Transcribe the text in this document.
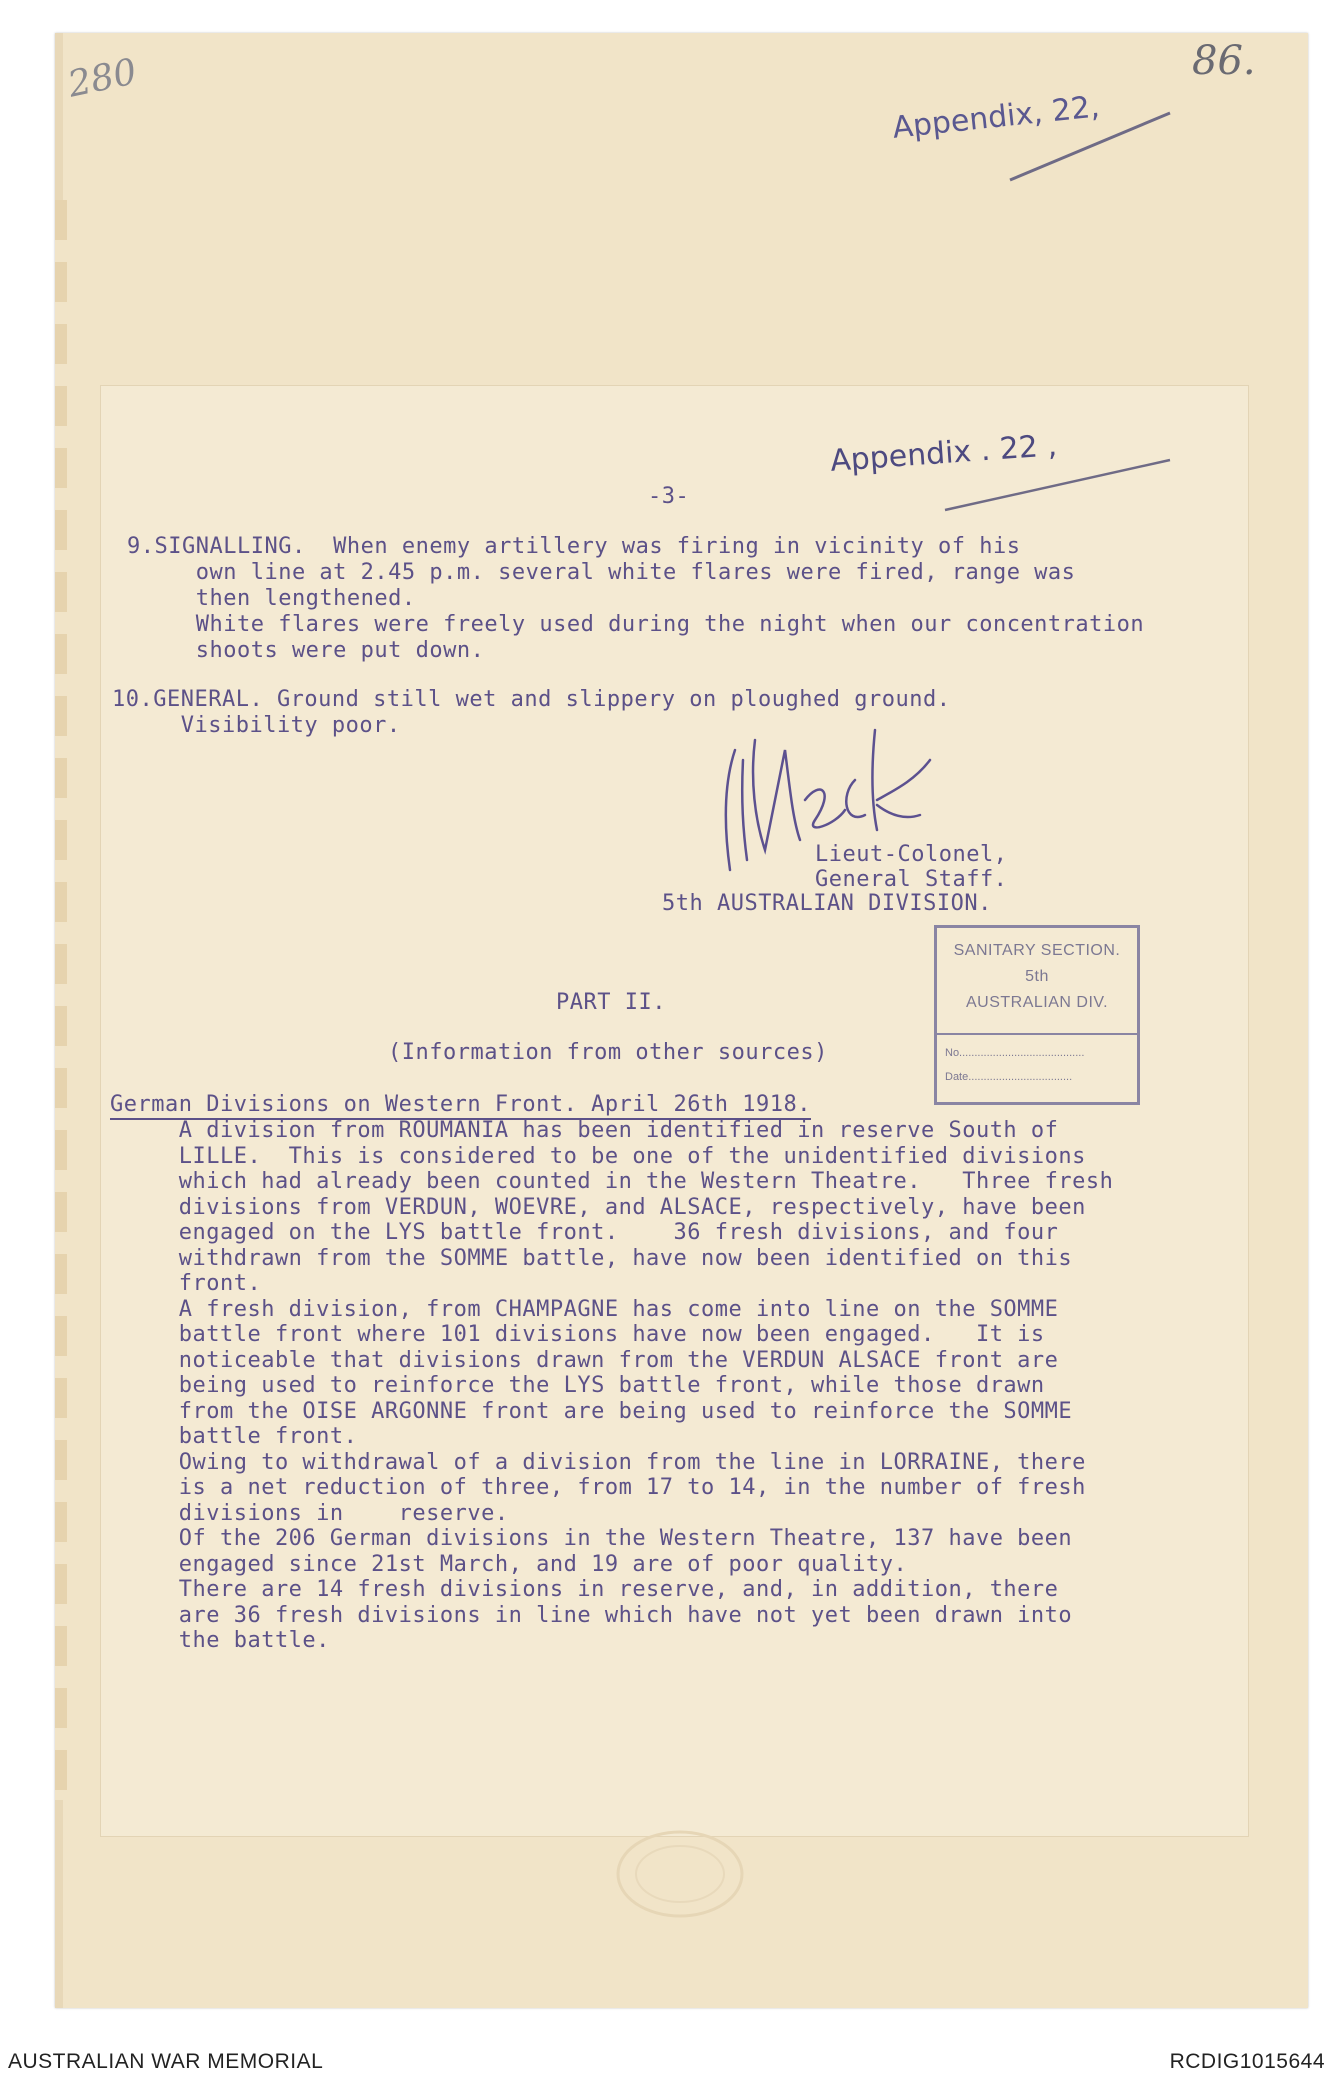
280	86.
Appendix, 22,
Appendix . 22 ,
-3-
9.SIGNALLING.  When enemy artillery was firing in vicinity of his
own line at 2.45 p.m. several white flares were fired, range was
then lengthened.
White flares were freely used during the night when our concentration
shoots were put down.
10.GENERAL. Ground still wet and slippery on ploughed ground.
Visibility poor.
Lieut-Colonel,
General Staff.
5th AUSTRALIAN DIVISION.
SANITARY SECTION.
5th
AUSTRALIAN DIV.
No.........................................
Date..................................
PART II.
(Information from other sources)
German Divisions on Western Front. April 26th 1918.
A division from ROUMANIA has been identified in reserve South of
LILLE.  This is considered to be one of the unidentified divisions
which had already been counted in the Western Theatre.   Three fresh
divisions from VERDUN, WOEVRE, and ALSACE, respectively, have been
engaged on the LYS battle front.    36 fresh divisions, and four
withdrawn from the SOMME battle, have now been identified on this
front.
A fresh division, from CHAMPAGNE has come into line on the SOMME
battle front where 101 divisions have now been engaged.   It is
noticeable that divisions drawn from the VERDUN ALSACE front are
being used to reinforce the LYS battle front, while those drawn
from the OISE ARGONNE front are being used to reinforce the SOMME
battle front.
Owing to withdrawal of a division from the line in LORRAINE, there
is a net reduction of three, from 17 to 14, in the number of fresh
divisions in    reserve.
Of the 206 German divisions in the Western Theatre, 137 have been
engaged since 21st March, and 19 are of poor quality.
There are 14 fresh divisions in reserve, and, in addition, there
are 36 fresh divisions in line which have not yet been drawn into
the battle.
AUSTRALIAN WAR MEMORIAL	RCDIG1015644
